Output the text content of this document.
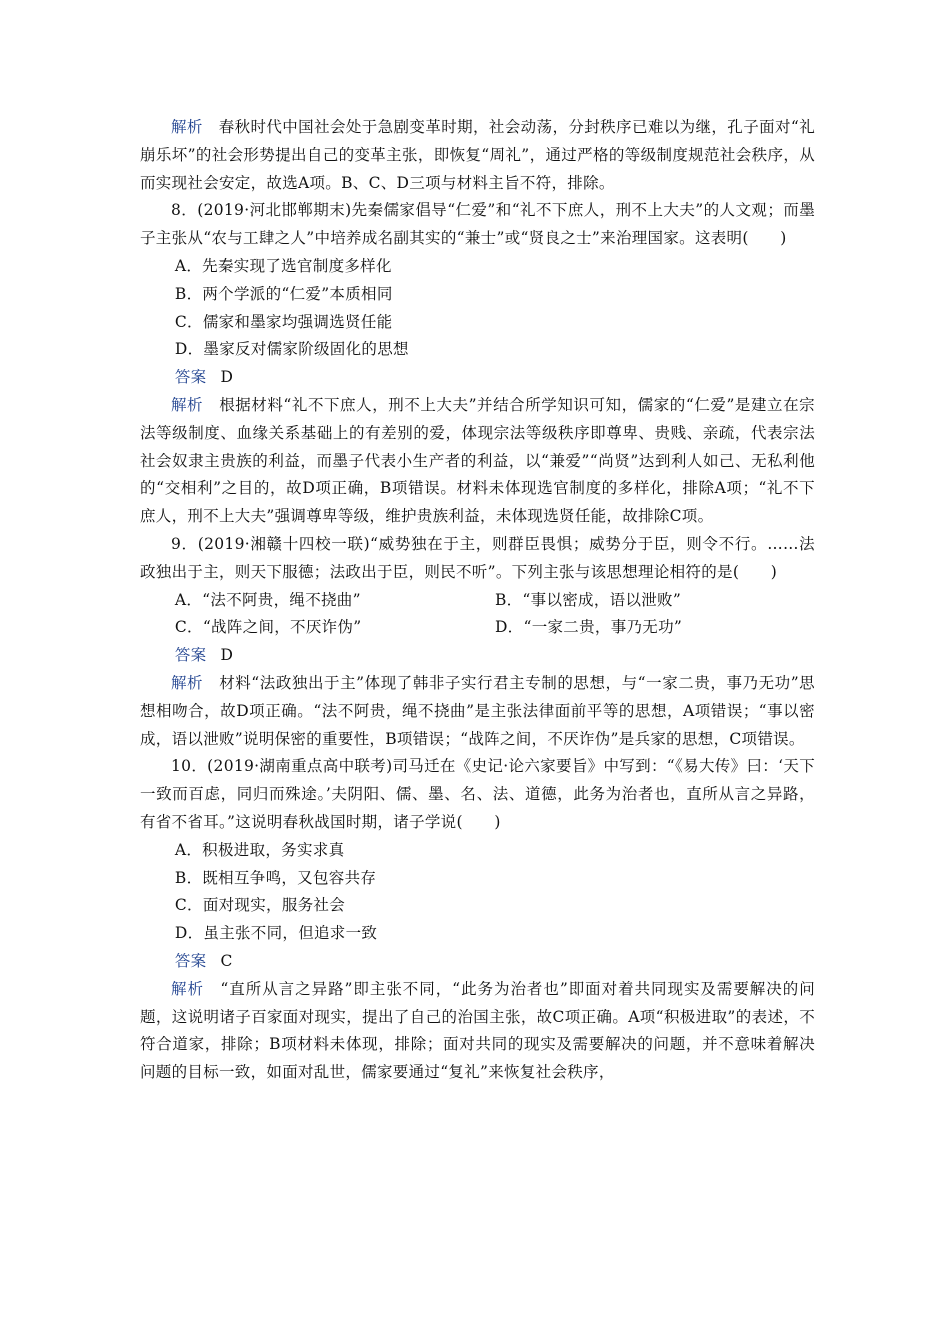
解析　 春秋时代中国社会处于急剧变革时期，社会动荡，分封秩序已难以为继，孔子面对“礼崩乐坏”的社会形势提出自己的变革主张，即恢复“周礼”，通过严格的等级制度规范社会秩序，从而实现社会安定，故选A项。B、C、D三项与材料主旨不符，排除。

8．(2019·河北邯郸期末)先秦儒家倡导“仁爱”和“礼不下庶人，刑不上大夫”的人文观；而墨子主张从“农与工肆之人”中培养成名副其实的“兼士”或“贤良之士”来治理国家。这表明(　　)

A．先秦实现了选官制度多样化

B．两个学派的“仁爱”本质相同

C．儒家和墨家均强调选贤任能

D．墨家反对儒家阶级固化的思想

答案 D

解析　 根据材料“礼不下庶人，刑不上大夫”并结合所学知识可知，儒家的“仁爱”是建立在宗法等级制度、血缘关系基础上的有差别的爱，体现宗法等级秩序即尊卑、贵贱、亲疏，代表宗法社会奴隶主贵族的利益，而墨子代表小生产者的利益，以“兼爱”“尚贤”达到利人如己、无私利他的“交相利”之目的，故D项正确，B项错误。材料未体现选官制度的多样化，排除A项；“礼不下庶人，刑不上大夫”强调尊卑等级，维护贵族利益，未体现选贤任能，故排除C项。

9．(2019·湘赣十四校一联)“威势独在于主，则群臣畏惧；威势分于臣，则令不行。……法政独出于主，则天下服德；法政出于臣，则民不听”。下列主张与该思想理论相符的是(　　)

A．“法不阿贵，绳不挠曲”	B．“事以密成，语以泄败”
C．“战阵之间，不厌诈伪”	D．“一家二贵，事乃无功”

答案 D

解析　 材料“法政独出于主”体现了韩非子实行君主专制的思想，与“一家二贵，事乃无功”思想相吻合，故D项正确。“法不阿贵，绳不挠曲”是主张法律面前平等的思想，A项错误；“事以密成，语以泄败”说明保密的重要性，B项错误；“战阵之间，不厌诈伪”是兵家的思想，C项错误。

10．(2019·湖南重点高中联考)司马迁在《史记·论六家要旨》中写到：“《易大传》曰：‘天下一致而百虑，同归而殊途。’夫阴阳、儒、墨、名、法、道德，此务为治者也，直所从言之异路，有省不省耳。”这说明春秋战国时期，诸子学说(　　)

A．积极进取，务实求真

B．既相互争鸣，又包容共存

C．面对现实，服务社会

D．虽主张不同，但追求一致

答案 C

解析　 “直所从言之异路”即主张不同，“此务为治者也”即面对着共同现实及需要解决的问题，这说明诸子百家面对现实，提出了自己的治国主张，故C项正确。A项“积极进取”的表述，不符合道家，排除；B项材料未体现，排除；面对共同的现实及需要解决的问题，并不意味着解决问题的目标一致，如面对乱世，儒家要通过“复礼”来恢复社会秩序，
